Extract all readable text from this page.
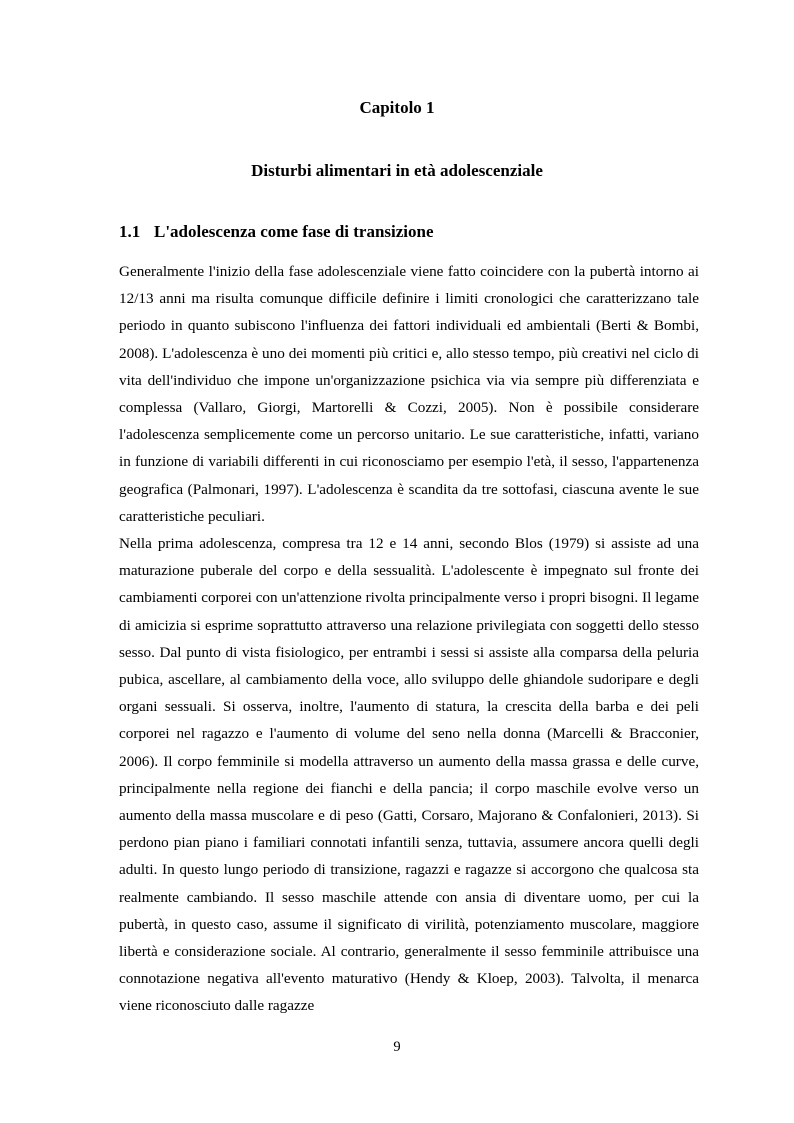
Capitolo 1
Disturbi alimentari in età adolescenziale
1.1 L'adolescenza come fase di transizione

Generalmente l'inizio della fase adolescenziale viene fatto coincidere con la pubertà intorno ai 12/13 anni ma risulta comunque difficile definire i limiti cronologici che caratterizzano tale periodo in quanto subiscono l'influenza dei fattori individuali ed ambientali (Berti & Bombi, 2008). L'adolescenza è uno dei momenti più critici e, allo stesso tempo, più creativi nel ciclo di vita dell'individuo che impone un'organizzazione psichica via via sempre più differenziata e complessa (Vallaro, Giorgi, Martorelli & Cozzi, 2005). Non è possibile considerare l'adolescenza semplicemente come un percorso unitario. Le sue caratteristiche, infatti, variano in funzione di variabili differenti in cui riconosciamo per esempio l'età, il sesso, l'appartenenza geografica (Palmonari, 1997). L'adolescenza è scandita da tre sottofasi, ciascuna avente le sue caratteristiche peculiari.

Nella prima adolescenza, compresa tra 12 e 14 anni, secondo Blos (1979) si assiste ad una maturazione puberale del corpo e della sessualità. L'adolescente è impegnato sul fronte dei cambiamenti corporei con un'attenzione rivolta principalmente verso i propri bisogni. Il legame di amicizia si esprime soprattutto attraverso una relazione privilegiata con soggetti dello stesso sesso. Dal punto di vista fisiologico, per entrambi i sessi si assiste alla comparsa della peluria pubica, ascellare, al cambiamento della voce, allo sviluppo delle ghiandole sudoripare e degli organi sessuali. Si osserva, inoltre, l'aumento di statura, la crescita della barba e dei peli corporei nel ragazzo e l'aumento di volume del seno nella donna (Marcelli & Bracconier, 2006). Il corpo femminile si modella attraverso un aumento della massa grassa e delle curve, principalmente nella regione dei fianchi e della pancia; il corpo maschile evolve verso un aumento della massa muscolare e di peso (Gatti, Corsaro, Majorano & Confalonieri, 2013). Si perdono pian piano i familiari connotati infantili senza, tuttavia, assumere ancora quelli degli adulti. In questo lungo periodo di transizione, ragazzi e ragazze si accorgono che qualcosa sta realmente cambiando. Il sesso maschile attende con ansia di diventare uomo, per cui la pubertà, in questo caso, assume il significato di virilità, potenziamento muscolare, maggiore libertà e considerazione sociale. Al contrario, generalmente il sesso femminile attribuisce una connotazione negativa all'evento maturativo (Hendy & Kloep, 2003). Talvolta, il menarca viene riconosciuto dalle ragazze

9
